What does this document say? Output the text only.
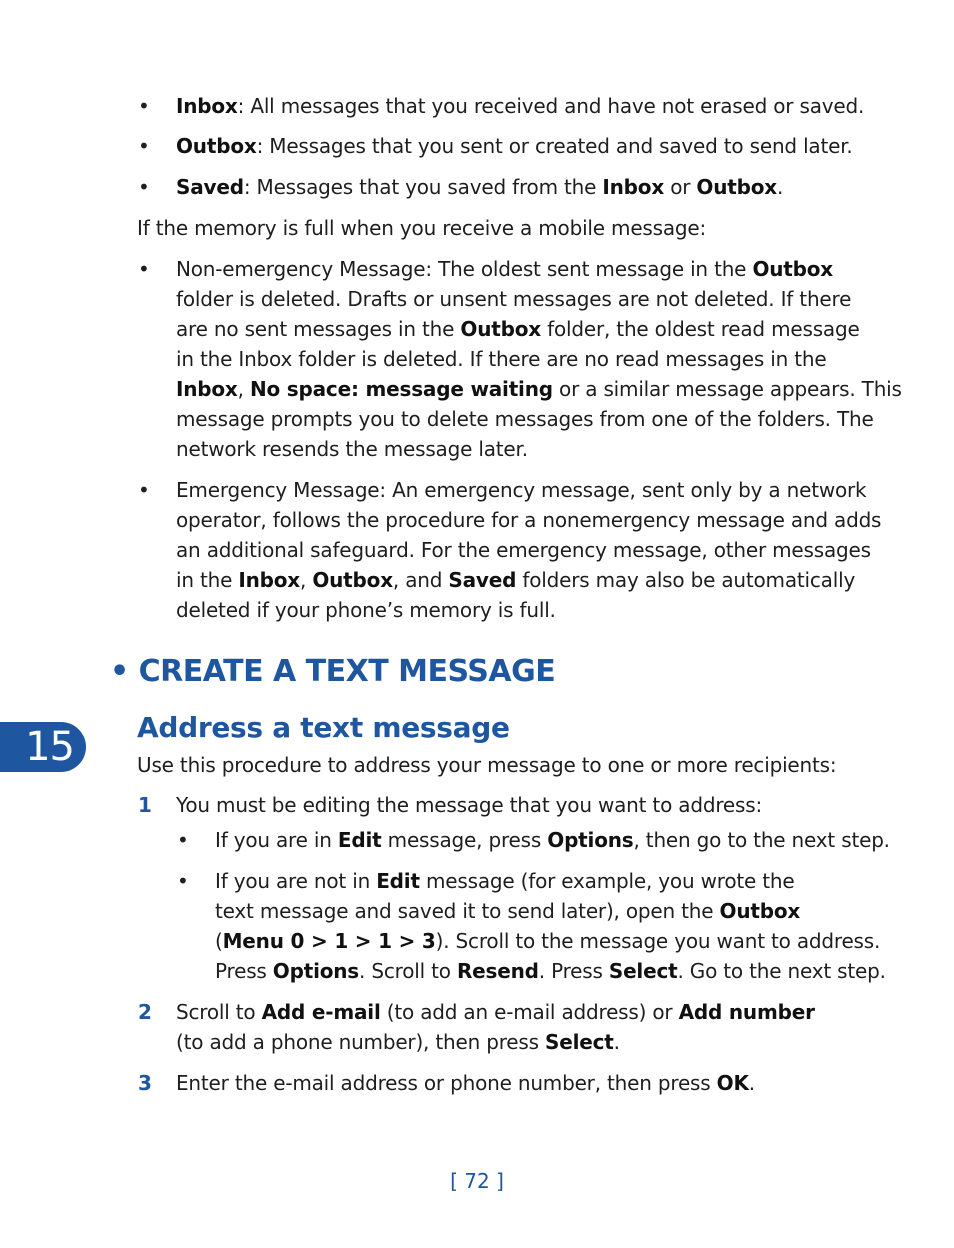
• Inbox: All messages that you received and have not erased or saved.
• Outbox: Messages that you sent or created and saved to send later.
• Saved: Messages that you saved from the Inbox or Outbox.
If the memory is full when you receive a mobile message:
• Non-emergency Message: The oldest sent message in the Outbox
folder is deleted. Drafts or unsent messages are not deleted. If there
are no sent messages in the Outbox folder, the oldest read message
in the Inbox folder is deleted. If there are no read messages in the
Inbox, No space: message waiting or a similar message appears. This
message prompts you to delete messages from one of the folders. The
network resends the message later.
• Emergency Message: An emergency message, sent only by a network
operator, follows the procedure for a nonemergency message and adds
an additional safeguard. For the emergency message, other messages
in the Inbox, Outbox, and Saved folders may also be automatically
deleted if your phone’s memory is full.
• CREATE A TEXT MESSAGE
15	Address a text message
Use this procedure to address your message to one or more recipients:
1 You must be editing the message that you want to address:
• If you are in Edit message, press Options, then go to the next step.
• If you are not in Edit message (for example, you wrote the
text message and saved it to send later), open the Outbox
(Menu 0 > 1 > 1 > 3). Scroll to the message you want to address.
Press Options. Scroll to Resend. Press Select. Go to the next step.
2 Scroll to Add e-mail (to add an e-mail address) or Add number
(to add a phone number), then press Select.
3 Enter the e-mail address or phone number, then press OK.
[ 72 ]
